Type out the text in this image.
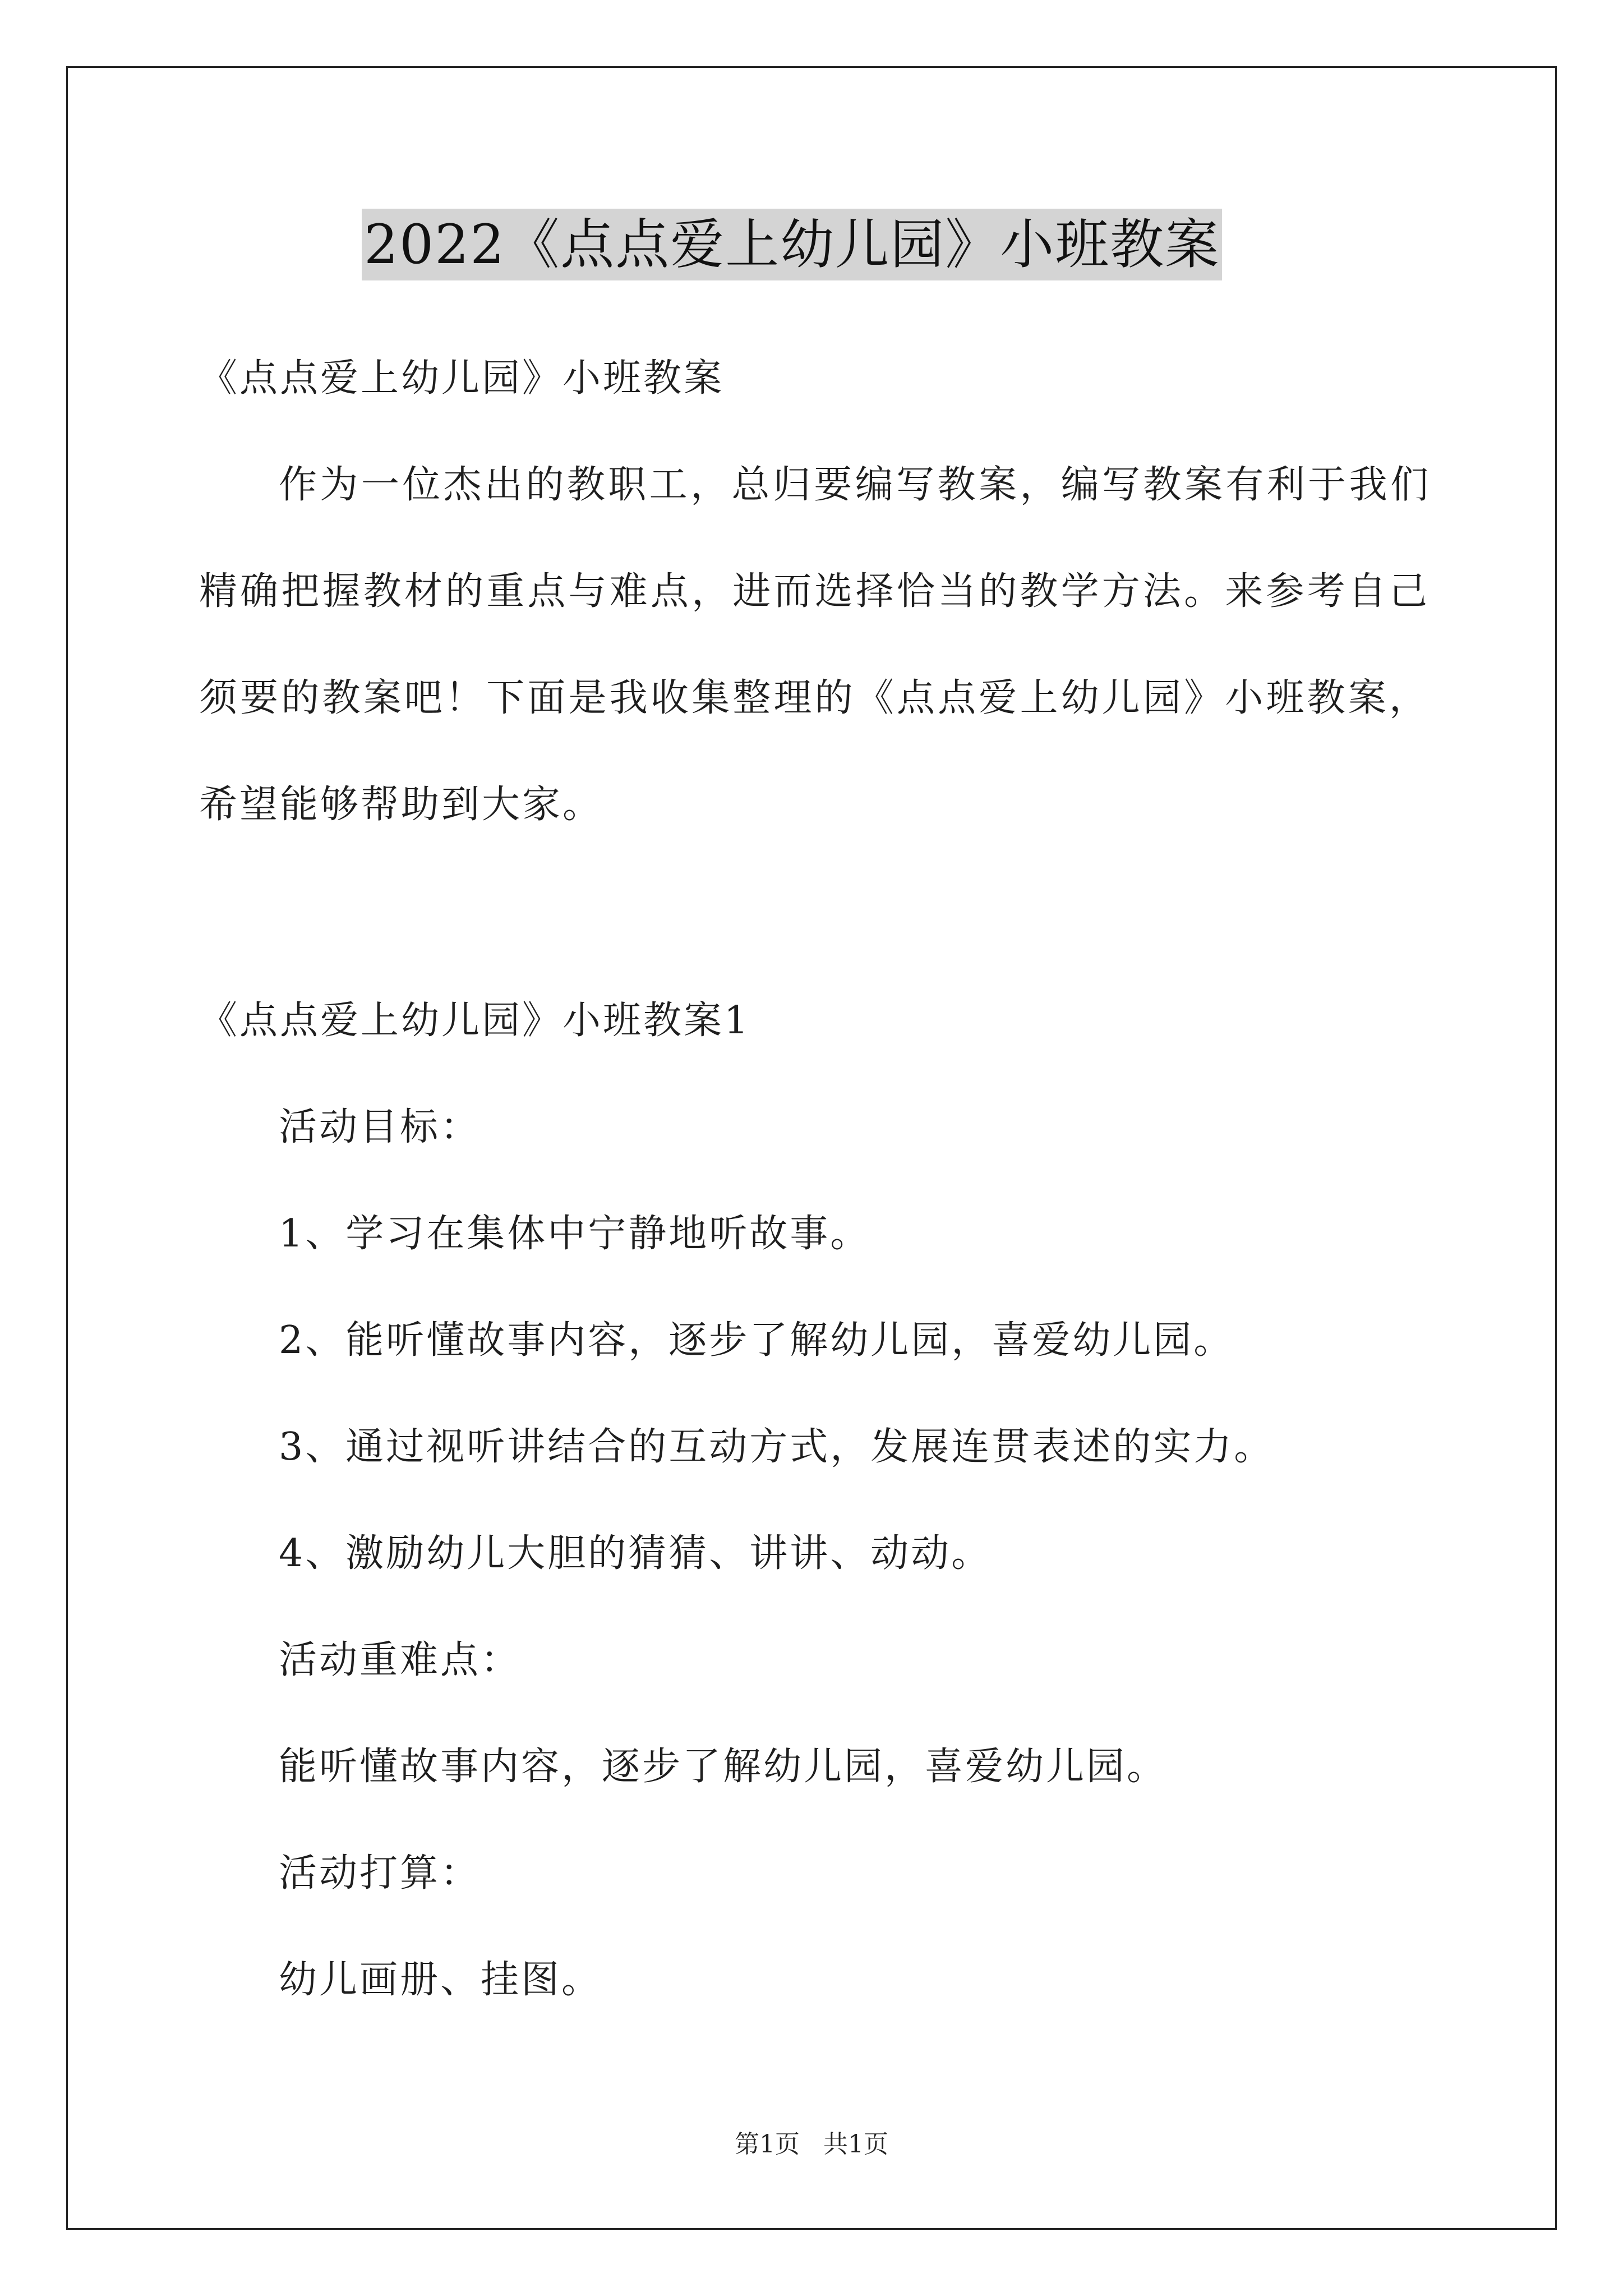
2022《点点爱上幼儿园》小班教案
《点点爱上幼儿园》小班教案
作为一位杰出的教职工，总归要编写教案，编写教案有利于我们
精确把握教材的重点与难点，进而选择恰当的教学方法。来参考自己
须要的教案吧！下面是我收集整理的《点点爱上幼儿园》小班教案，
希望能够帮助到大家。
《点点爱上幼儿园》小班教案1
活动目标：
1、学习在集体中宁静地听故事。
2、能听懂故事内容，逐步了解幼儿园，喜爱幼儿园。
3、通过视听讲结合的互动方式，发展连贯表述的实力。
4、激励幼儿大胆的猜猜、讲讲、动动。
活动重难点：
能听懂故事内容，逐步了解幼儿园，喜爱幼儿园。
活动打算：
幼儿画册、挂图。
第1页   共1页
